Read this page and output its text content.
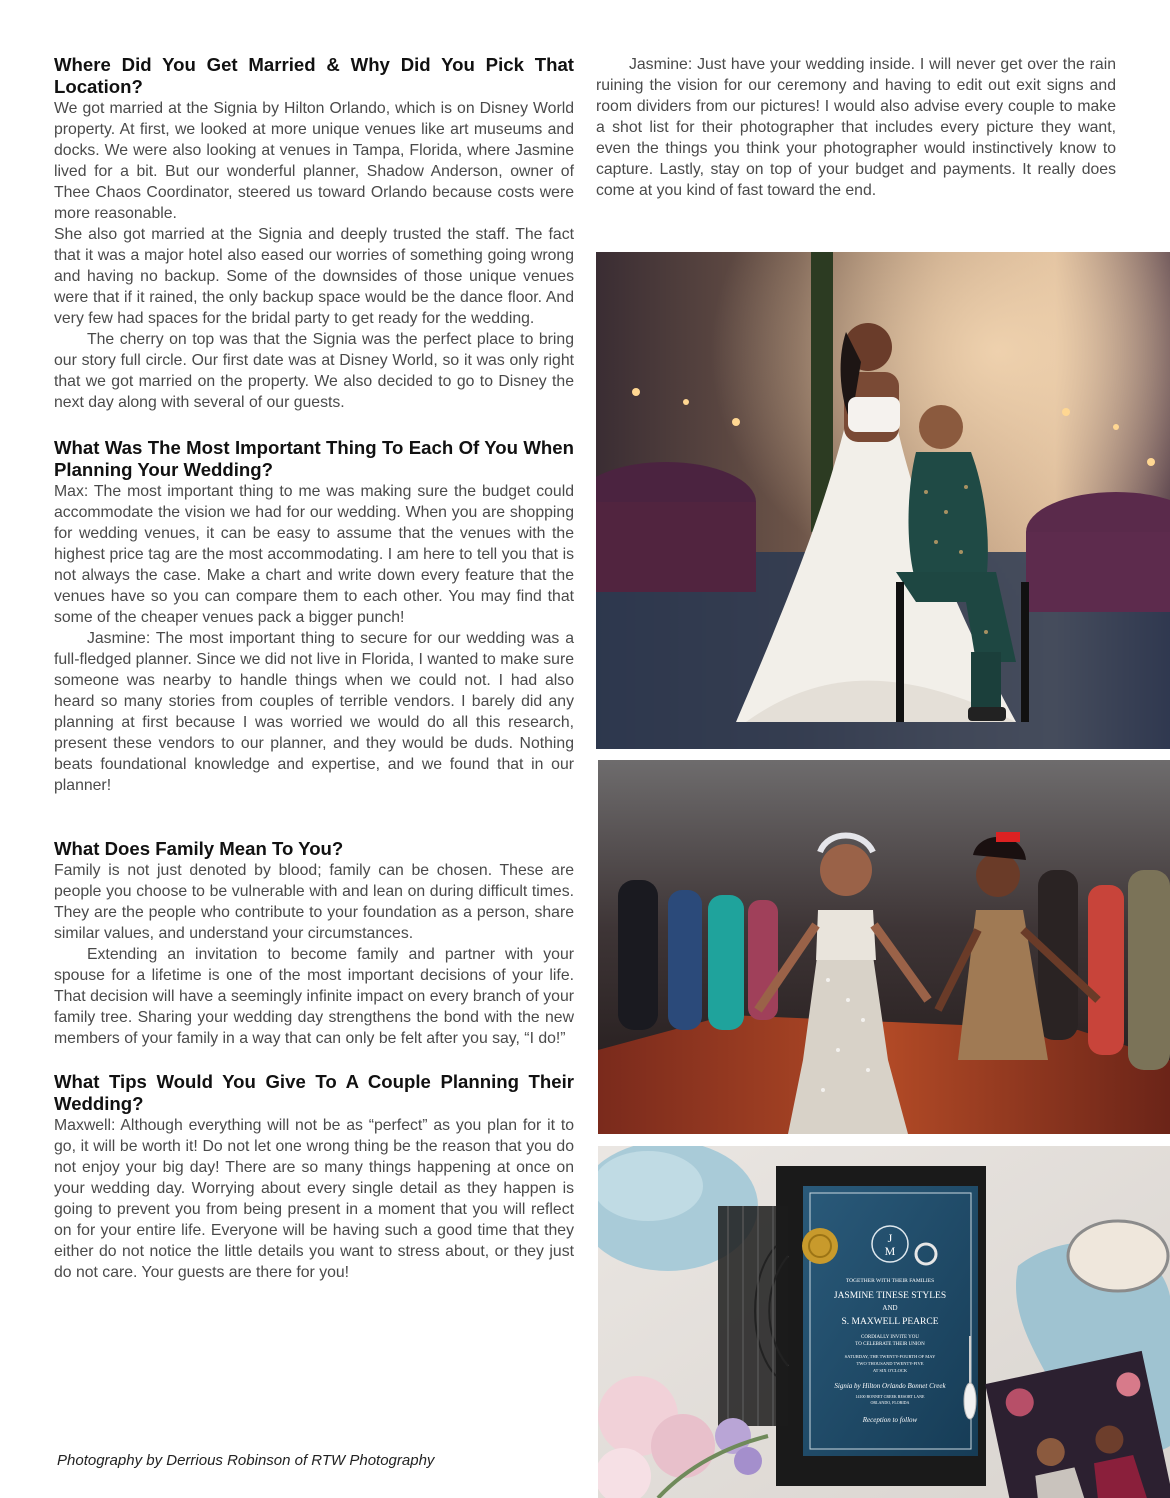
Where Did You Get Married & Why Did You Pick That Location?

We got married at the Signia by Hilton Orlando, which is on Disney World property. At first, we looked at more unique venues like art museums and docks. We were also looking at venues in Tampa, Florida, where Jasmine lived for a bit. But our wonderful planner, Shadow Anderson, owner of Thee Chaos Coordinator, steered us toward Orlando because costs were more reasonable.

She also got married at the Signia and deeply trusted the staff. The fact that it was a major hotel also eased our worries of something going wrong and having no backup. Some of the downsides of those unique venues were that if it rained, the only backup space would be the dance floor. And very few had spaces for the bridal party to get ready for the wedding.

The cherry on top was that the Signia was the perfect place to bring our story full circle. Our first date was at Disney World, so it was only right that we got married on the property. We also decided to go to Disney the next day along with several of our guests.

What Was The Most Important Thing To Each Of You When Planning Your Wedding?

Max: The most important thing to me was making sure the budget could accommodate the vision we had for our wedding. When you are shopping for wedding venues, it can be easy to assume that the venues with the highest price tag are the most accommodating. I am here to tell you that is not always the case. Make a chart and write down every feature that the venues have so you can compare them to each other. You may find that some of the cheaper venues pack a bigger punch!

Jasmine: The most important thing to secure for our wedding was a full-fledged planner. Since we did not live in Florida, I wanted to make sure someone was nearby to handle things when we could not. I had also heard so many stories from couples of terrible vendors. I barely did any planning at first because I was worried we would do all this research, present these vendors to our planner, and they would be duds. Nothing beats foundational knowledge and expertise, and we found that in our planner!

What Does Family Mean To You?

Family is not just denoted by blood; family can be chosen. These are people you choose to be vulnerable with and lean on during difficult times. They are the people who contribute to your foundation as a person, share similar values, and understand your circumstances.

Extending an invitation to become family and partner with your spouse for a lifetime is one of the most important decisions of your life. That decision will have a seemingly infinite impact on every branch of your family tree. Sharing your wedding day strengthens the bond with the new members of your family in a way that can only be felt after you say, “I do!”

What Tips Would You Give To A Couple Planning Their Wedding?

Maxwell: Although everything will not be as “perfect” as you plan for it to go, it will be worth it! Do not let one wrong thing be the reason that you do not enjoy your big day! There are so many things happening at once on your wedding day. Worrying about every single detail as they happen is going to prevent you from being present in a moment that you will reflect on for your entire life. Everyone will be having such a good time that they either do not notice the little details you want to stress about, or they just do not care. Your guests are there for you!

Jasmine: Just have your wedding inside. I will never get over the rain ruining the vision for our ceremony and having to edit out exit signs and room dividers from our pictures! I would also advise every couple to make a shot list for their photographer that includes every picture they want, even the things you think your photographer would instinctively know to capture. Lastly, stay on top of your budget and payments. It really does come at you kind of fast toward the end.

J
M
TOGETHER WITH THEIR FAMILIES
JASMINE TINESE STYLES
AND
S. MAXWELL PEARCE
CORDIALLY INVITE YOU
TO CELEBRATE THEIR UNION
SATURDAY, THE TWENTY-FOURTH OF MAY
TWO THOUSAND TWENTY-FIVE
AT SIX O'CLOCK
Signia by Hilton Orlando Bonnet Creek
14100 BONNET CREEK RESORT LANE
ORLANDO, FLORIDA
Reception to follow
Photography by Derrious Robinson of RTW Photography
